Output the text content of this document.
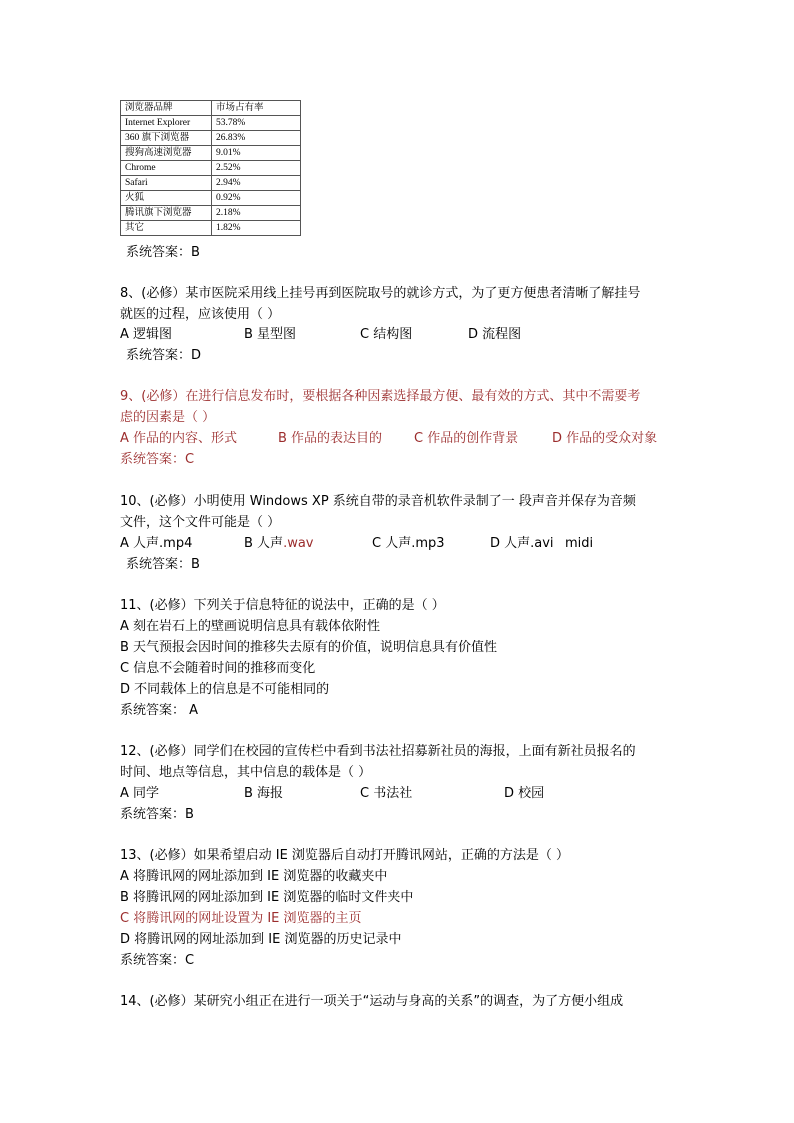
浏览器品牌	市场占有率
Internet Explorer	53.78%
360 旗下浏览器	26.83%
搜狗高速浏览器	9.01%
Chrome	2.52%
Safari	2.94%
火狐	0.92%
腾讯旗下浏览器	2.18%
其它	1.82%
系统答案：B
8、(必修）某市医院采用线上挂号再到医院取号的就诊方式，为了更方便患者清晰了解挂号
就医的过程，应该使用（ ）
A 逻辑图	B 星型图	C 结构图	D 流程图
系统答案：D
9、(必修）在进行信息发布时，要根据各种因素选择最方便、最有效的方式、其中不需要考
虑的因素是（ ）
A 作品的内容、形式	B 作品的表达目的 C 作品的创作背景	D 作品的受众对象
系统答案：C
10、(必修）小明使用 Windows XP 系统自带的录音机软件录制了一 段声音并保存为音频
文件，这个文件可能是（ ）
A 人声.mp4	B 人声.wav	C 人声.mp3	D 人声.avi midi
系统答案：B
11、(必修）下列关于信息特征的说法中，正确的是（ ）
A 刻在岩石上的壁画说明信息具有载体依附性
B 天气预报会因时间的推移失去原有的价值，说明信息具有价值性
C 信息不会随着时间的推移而变化
D 不同载体上的信息是不可能相同的
系统答案： A
12、(必修）同学们在校园的宣传栏中看到书法社招募新社员的海报，上面有新社员报名的
时间、地点等信息，其中信息的载体是（ ）
A 同学	B 海报	C 书法社	D 校园
系统答案：B
13、(必修）如果希望启动 IE 浏览器后自动打开腾讯网站，正确的方法是（ ）
A 将腾讯网的网址添加到 IE 浏览器的收藏夹中
B 将腾讯网的网址添加到 IE 浏览器的临时文件夹中
C 将腾讯网的网址设置为 IE 浏览器的主页
D 将腾讯网的网址添加到 IE 浏览器的历史记录中
系统答案：C
14、(必修）某研究小组正在进行一项关于“运动与身高的关系”的调查，为了方便小组成
